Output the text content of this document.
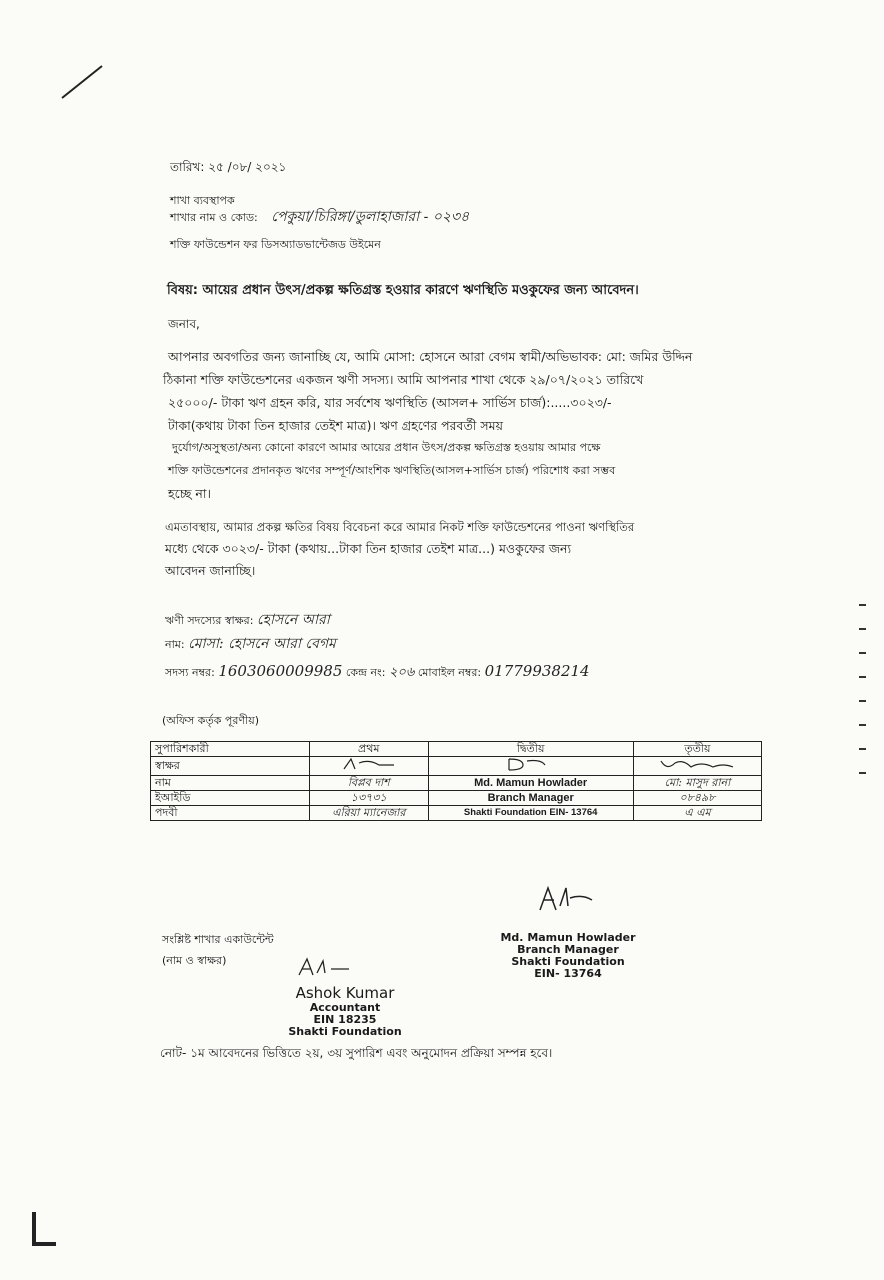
তারিখ: ২৫ /০৮/ ২০২১
শাখা ব্যবস্থাপক
শাখার নাম ও কোড: পেকুয়া/চিরিঙ্গা/ডুলাহাজারা - ০২৩৪
শক্তি ফাউন্ডেশন ফর ডিসঅ্যাডভান্টেজড উইমেন
বিষয়: আয়ের প্রধান উৎস/প্রকল্প ক্ষতিগ্রস্ত হওয়ার কারণে ঋণস্থিতি মওকুফের জন্য আবেদন।
জনাব,
আপনার অবগতির জন্য জানাচ্ছি যে, আমি মোসা: হোসনে আরা বেগম স্বামী/অভিভাবক: মো: জমির উদ্দিন
ঠিকানা শক্তি ফাউন্ডেশনের একজন ঋণী সদস্য। আমি আপনার শাখা থেকে ২৯/০৭/২০২১ তারিখে
২৫০০০/- টাকা ঋণ গ্রহন করি, যার সর্বশেষ ঋণস্থিতি (আসল+ সার্ভিস চার্জ):.....৩০২৩/-
টাকা(কথায় টাকা তিন হাজার তেইশ মাত্র)। ঋণ গ্রহণের পরবর্তী সময়
দুর্যোগ/অসুস্থতা/অন্য কোনো কারণে আমার আয়ের প্রধান উৎস/প্রকল্প ক্ষতিগ্রস্ত হওয়ায় আমার পক্ষে
শক্তি ফাউন্ডেশনের প্রদানকৃত ঋণের সম্পূর্ণ/আংশিক ঋণস্থিতি(আসল+সার্ভিস চার্জ) পরিশোধ করা সম্ভব
হচ্ছে না।
এমতাবস্থায়, আমার প্রকল্প ক্ষতির বিষয় বিবেচনা করে আমার নিকট শক্তি ফাউন্ডেশনের পাওনা ঋণস্থিতির
মধ্যে থেকে ৩০২৩/- টাকা (কথায়...টাকা তিন হাজার তেইশ মাত্র...) মওকুফের জন্য
আবেদন জানাচ্ছি।
ঋণী সদস্যের স্বাক্ষর: হোসনে আরা
নাম: মোসা: হোসনে আরা বেগম
সদস্য নম্বর: 1603060009985 কেন্দ্র নং: ২০৬ মোবাইল নম্বর: 01779938214
(অফিস কর্তৃক পূরণীয়)
সুপারিশকারী	প্রথম	দ্বিতীয়	তৃতীয়
স্বাক্ষর			
নাম	বিপ্লব দাশ	Md. Mamun Howlader	মো: মাসুদ রানা
ইআইডি	১৩৭৩১	Branch Manager	০৮৪৯৮
পদবী	এরিয়া ম্যানেজার	Shakti Foundation EIN- 13764	এ এম
সংশ্লিষ্ট শাখার একাউন্টেন্ট
(নাম ও স্বাক্ষর)
Ashok Kumar
Accountant
EIN 18235
Shakti Foundation
Md. Mamun Howlader
Branch Manager
Shakti Foundation
EIN- 13764
নোট- ১ম আবেদনের ভিত্তিতে ২য়, ৩য় সুপারিশ এবং অনুমোদন প্রক্রিয়া সম্পন্ন হবে।
